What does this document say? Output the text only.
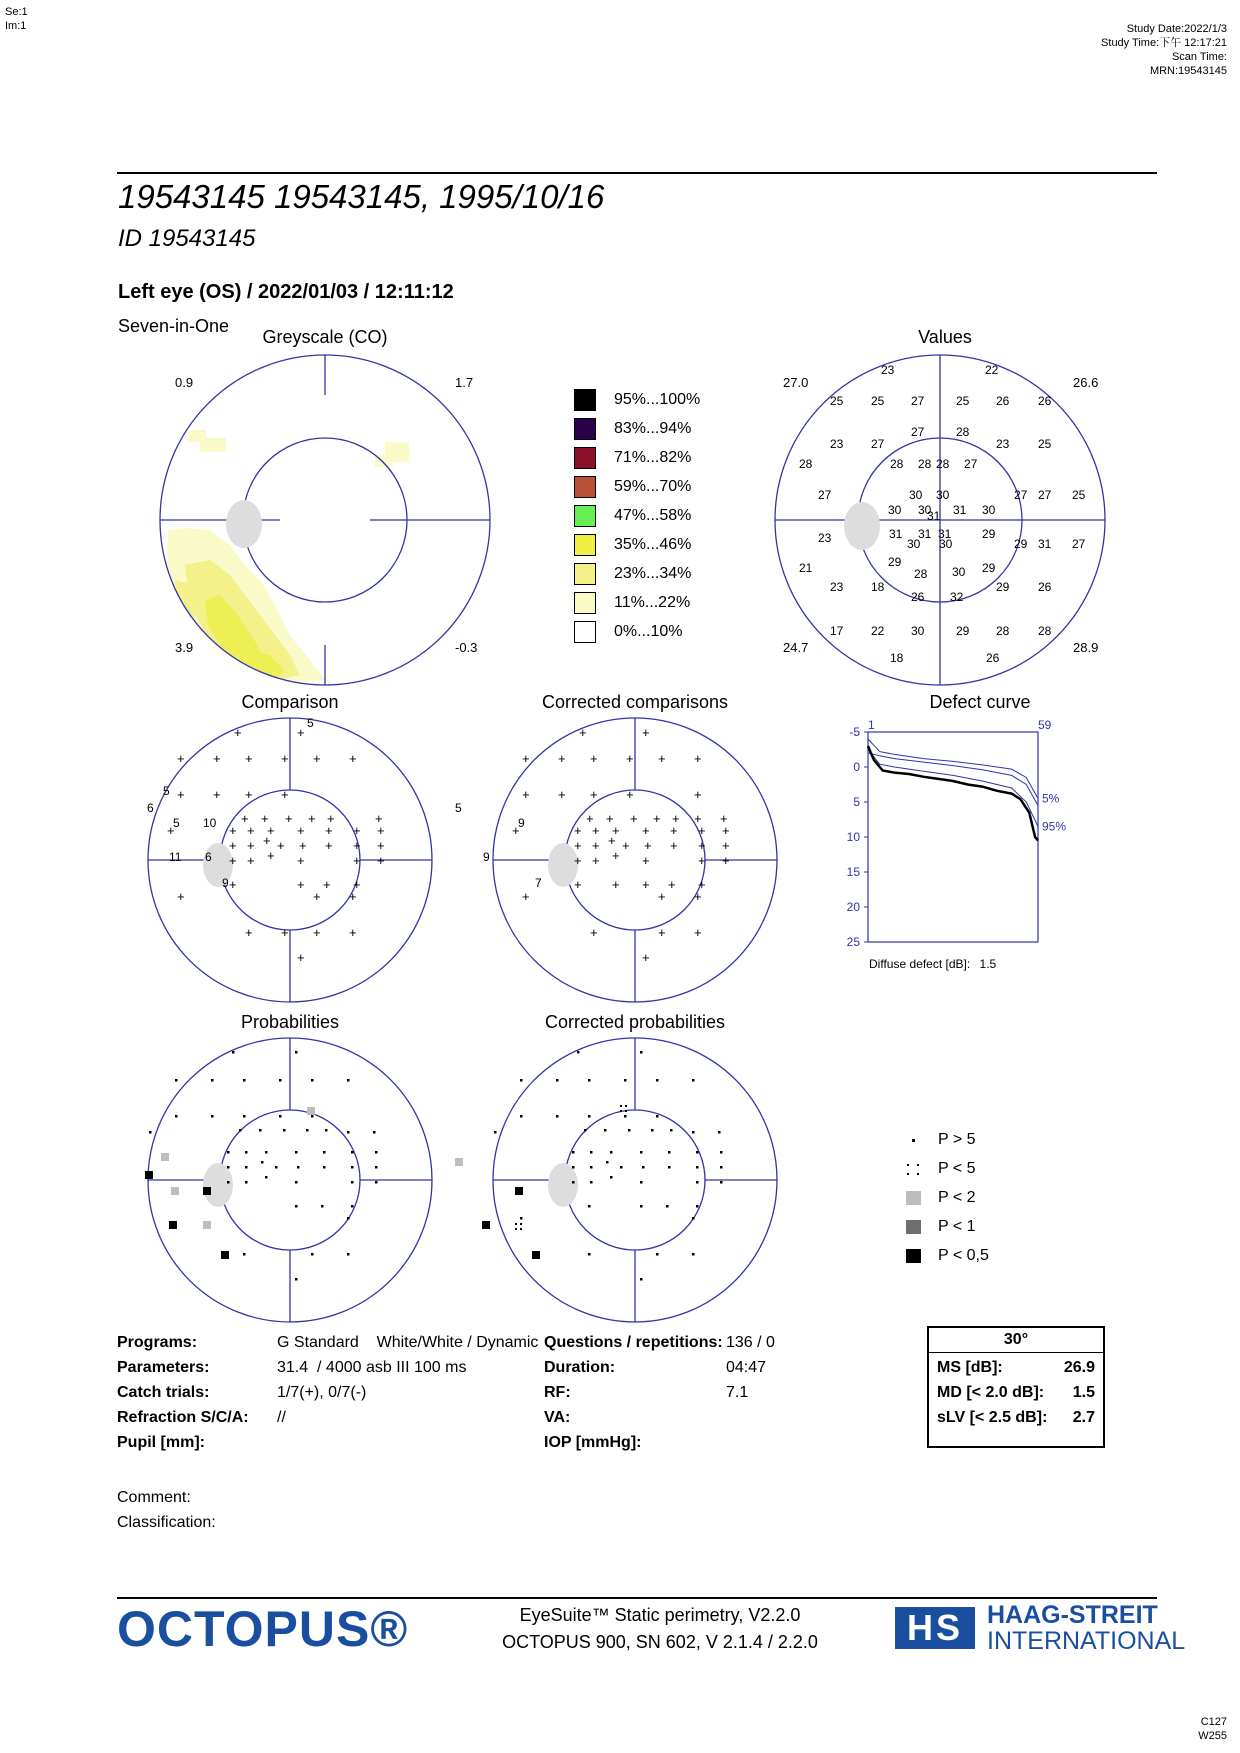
Se:1
Im:1	Study Date:2022/1/3
Study Time:下午 12:17:21
Scan Time:
MRN:19543145
19543145 19543145, 1995/10/16
ID 19543145
Left eye (OS) / 2022/01/03 / 12:11:12
Seven-in-One
Greyscale (CO)
0.9	1.7
3.9	-0.3
95%...100%
83%...94%
71%...82%
59%...70%
47%...58%
35%...46%
23%...34%
11%...22%
0%...10%
Values
23	22
25 25 27	25 26 26
23 27
27	28
23 25
28	28 28 28 27
27	30 30	27 27 25
30 30 31 30
31
23	31 31 31	29
29 31 27
30 30
21	29
28 30 29
23 18
26 32
29 26
17 22 30	29 28 28
18	26
27.0	26.6
24.7	28.9
Comparison
+	+
+ + + + + +
+ + + +
+ + + + +	+
+	+ + + + + + +
+ + + + + + + +
+ + + +	+ +
+	+ + +
+	+ +
+ + + +
+
5
5
6
5 10
11 6
9
Corrected comparisons
+	+
+ + + + + +
+ + + +	+
+ + + + + + +
+	+ + + + + + +
+ + + + + + + +
+ + + +	+ +
+ + + + +
+	+ +
+	+ +
+
5
9
9
7
Defect curve
-5
0
5
10
15
20
25
1	59
5%
95%
Diffuse defect [dB]: 1.5
Probabilities	Corrected probabilities
P > 5
P < 5
P < 2
P < 1
P < 0,5
Programs:	G Standard    White/White / Dynamic
Parameters:	31.4  / 4000 asb III 100 ms
Catch trials:	1/7(+), 0/7(-)
Refraction S/C/A:	//
Pupil [mm]:
Questions / repetitions: 136 / 0
Duration:	04:47
RF:	7.1
VA:
IOP [mmHg]:
30°
MS [dB]:	26.9
MD [< 2.0 dB]: 1.5
sLV [< 2.5 dB]: 2.7
Comment:
Classification:
OCTOPUS®	EyeSuite™ Static perimetry, V2.2.0
OCTOPUS 900, SN 602, V 2.1.4 / 2.2.0	HS HAAG-STREIT
INTERNATIONAL
C127
W255
